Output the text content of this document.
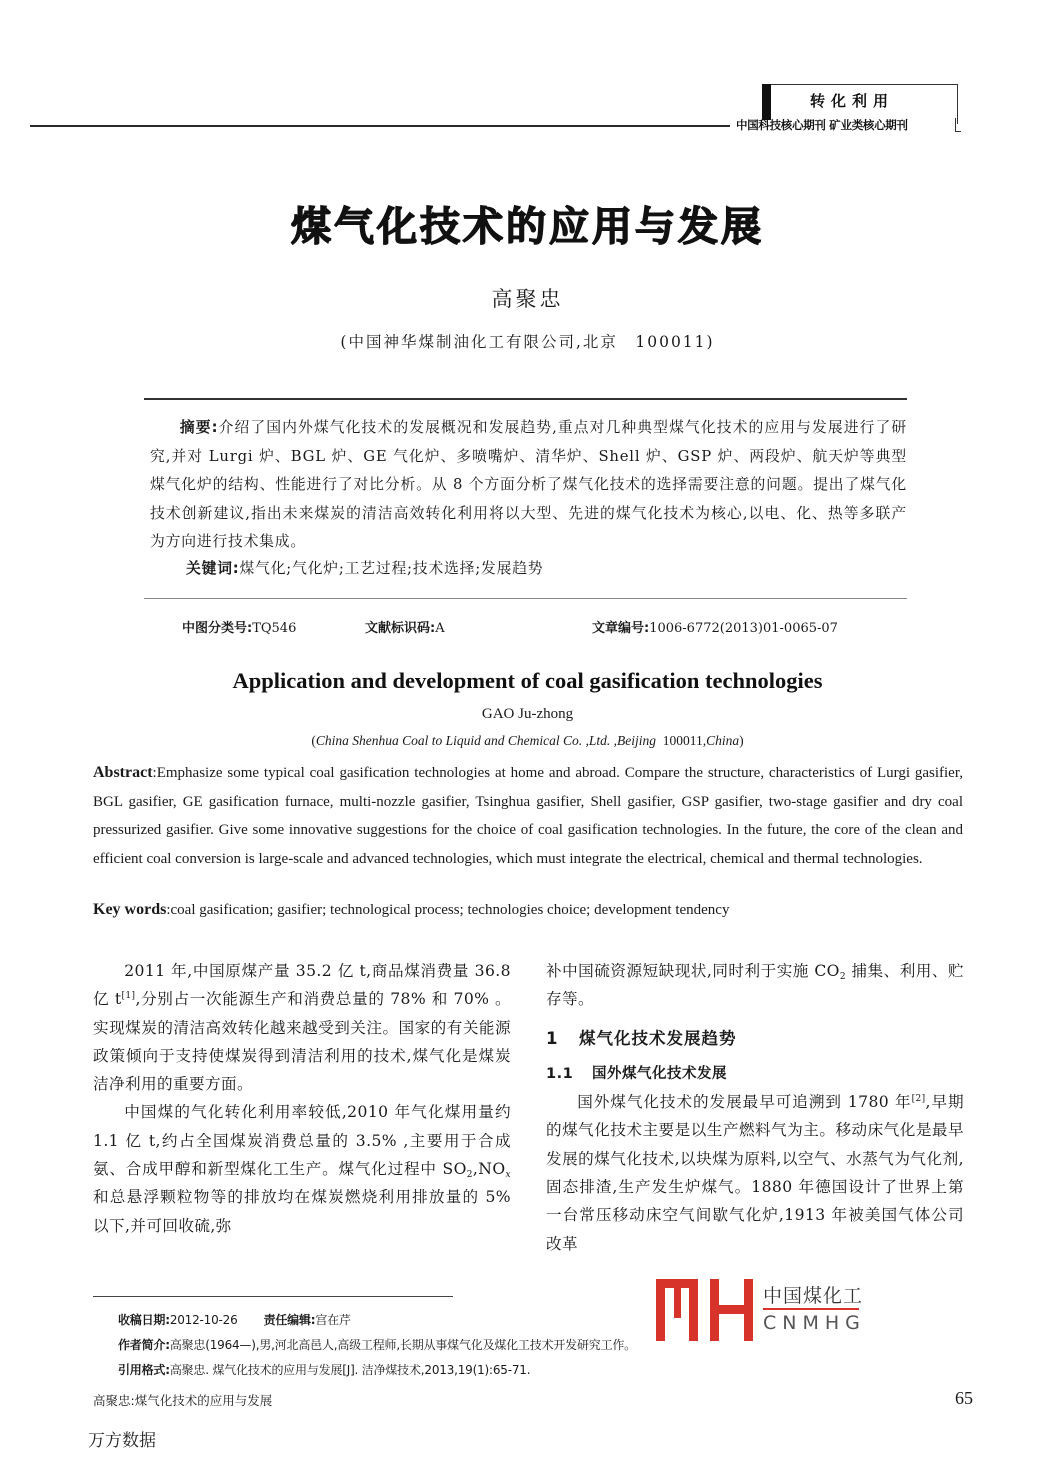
转化利用
中国科技核心期刊 矿业类核心期刊
煤气化技术的应用与发展
高聚忠
(中国神华煤制油化工有限公司,北京　100011)
摘要:介绍了国内外煤气化技术的发展概况和发展趋势,重点对几种典型煤气化技术的应用与发展进行了研究,并对 Lurgi 炉、BGL 炉、GE 气化炉、多喷嘴炉、清华炉、Shell 炉、GSP 炉、两段炉、航天炉等典型煤气化炉的结构、性能进行了对比分析。从 8 个方面分析了煤气化技术的选择需要注意的问题。提出了煤气化技术创新建议,指出未来煤炭的清洁高效转化利用将以大型、先进的煤气化技术为核心,以电、化、热等多联产为方向进行技术集成。
关键词:煤气化;气化炉;工艺过程;技术选择;发展趋势
中图分类号:TQ546	文献标识码:A	文章编号:1006-6772(2013)01-0065-07
Application and development of coal gasification technologies
GAO Ju-zhong
(China Shenhua Coal to Liquid and Chemical Co. ,Ltd. ,Beijing 100011,China)
Abstract:Emphasize some typical coal gasification technologies at home and abroad. Compare the structure, characteristics of Lurgi gasifier, BGL gasifier, GE gasification furnace, multi-nozzle gasifier, Tsinghua gasifier, Shell gasifier, GSP gasifier, two-stage gasifier and dry coal pressurized gasifier. Give some innovative suggestions for the choice of coal gasification technologies. In the future, the core of the clean and efficient coal conversion is large-scale and advanced technologies, which must integrate the electrical, chemical and thermal technologies.
Key words:coal gasification; gasifier; technological process; technologies choice; development tendency

2011 年,中国原煤产量 35.2 亿 t,商品煤消费量 36.8 亿 t[1],分别占一次能源生产和消费总量的 78% 和 70% 。实现煤炭的清洁高效转化越来越受到关注。国家的有关能源政策倾向于支持使煤炭得到清洁利用的技术,煤气化是煤炭洁净利用的重要方面。

中国煤的气化转化利用率较低,2010 年气化煤用量约 1.1 亿 t,约占全国煤炭消费总量的 3.5% ,主要用于合成氨、合成甲醇和新型煤化工生产。煤气化过程中 $SO_2,NO_x$ 和总悬浮颗粒物等的排放均在煤炭燃烧利用排放量的 5% 以下,并可回收硫,弥

补中国硫资源短缺现状,同时利于实施 $CO_2$ 捕集、利用、贮存等。

1 煤气化技术发展趋势
1.1 国外煤气化技术发展

国外煤气化技术的发展最早可追溯到 1780 年[2],早期的煤气化技术主要是以生产燃料气为主。移动床气化是最早发展的煤气化技术,以块煤为原料,以空气、水蒸气为气化剂,固态排渣,生产发生炉煤气。1880 年德国设计了世界上第一台常压移动床空气间歇气化炉,1913 年被美国气体公司改革

收稿日期:2012-10-26 责任编辑:宫在芹
作者简介:高聚忠(1964—),男,河北高邑人,高级工程师,长期从事煤气化及煤化工技术开发研究工作。
引用格式:高聚忠. 煤气化技术的应用与发展[J]. 洁净煤技术,2013,19(1):65-71.
中国煤化工
CNMHG
高聚忠:煤气化技术的应用与发展	65
万方数据
